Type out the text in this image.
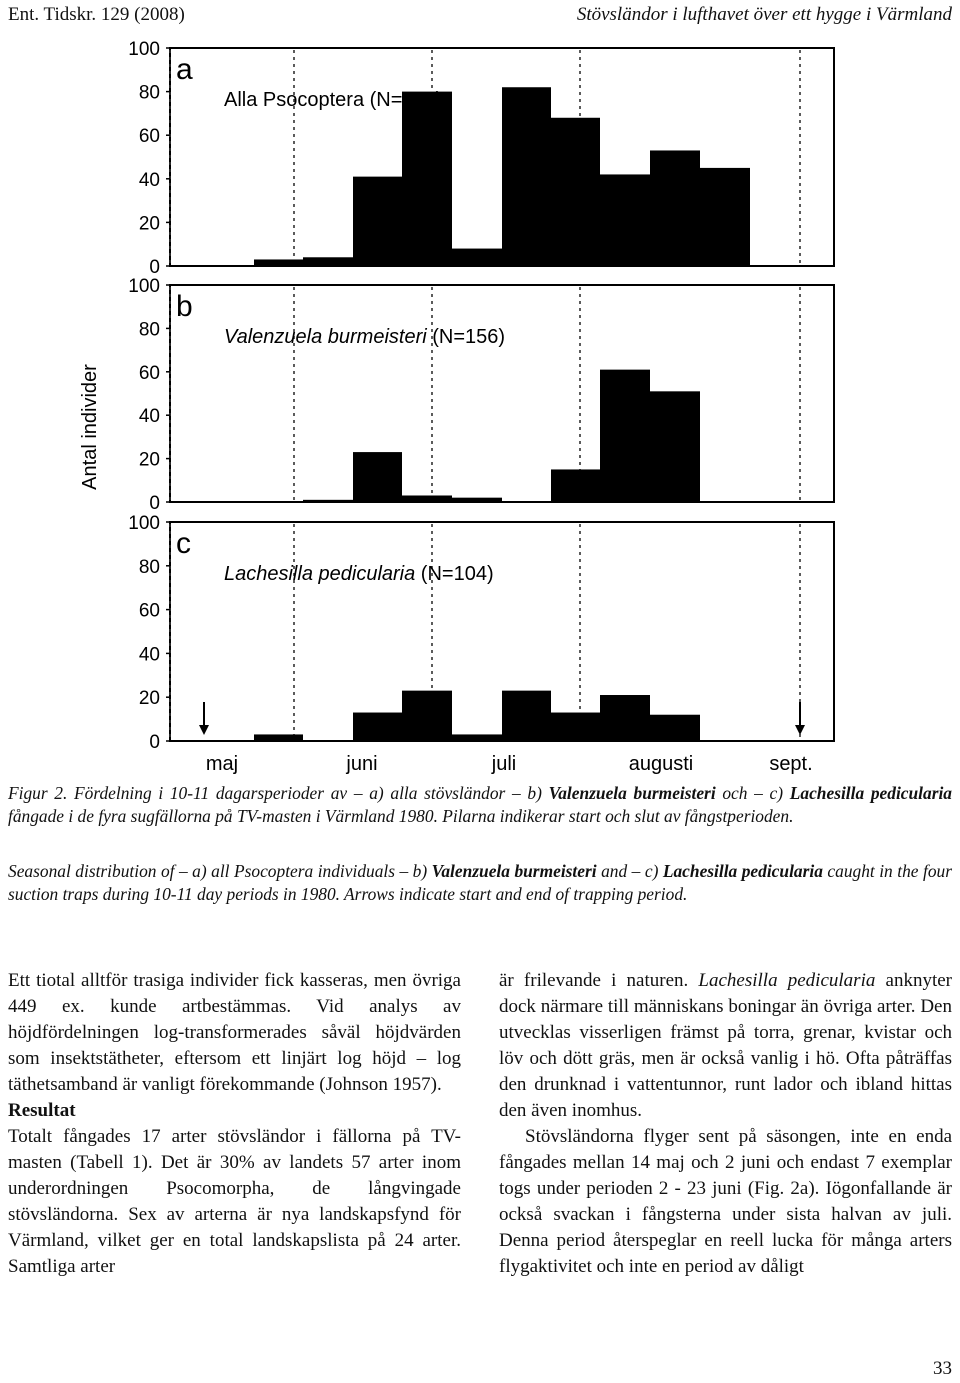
Ent. Tidskr. 129 (2008)	Stövsländor i lufthavet över ett hygge i Värmland
Antal individer
0
20
40
60
80
100
a
Alla Psocoptera (N=449)
0
20
40
60
80
100
b
Valenzuela burmeisteri (N=156)
0
20
40
60
80
100
c
Lachesilla pedicularia (N=104)
maj	juni	juli	augusti	sept.

Figur 2. Fördelning i 10-11 dagarsperioder av – a) alla stövsländor – b) Valenzuela burmeisteri och – c) Lachesilla pedicularia fångade i de fyra sugfällorna på TV-masten i Värmland 1980. Pilarna indikerar start och slut av fångstperioden.

Seasonal distribution of – a) all Psocoptera individuals – b) Valenzuela burmeisteri and – c) Lachesilla pedicularia caught in the four suction traps during 10-11 day periods in 1980. Arrows indicate start and end of trapping period.

Ett tiotal alltför trasiga individer fick kasseras, men övriga 449 ex. kunde artbestämmas. Vid analys av höjdfördelningen log-transformerades såväl höjdvärden som insektstätheter, eftersom ett linjärt log höjd – log täthetsamband är vanligt förekommande (Johnson 1957).

Resultat

Totalt fångades 17 arter stövsländor i fällorna på TV-masten (Tabell 1). Det är 30% av landets 57 arter inom underordningen Psocomorpha, de långvingade stövsländorna. Sex av arterna är nya landskapsfynd för Värmland, vilket ger en total landskapslista på 24 arter. Samtliga arter

är frilevande i naturen. Lachesilla pedicularia anknyter dock närmare till människans boningar än övriga arter. Den utvecklas visserligen främst på torra, grenar, kvistar och löv och dött gräs, men är också vanlig i hö. Ofta påträffas den drunknad i vattentunnor, runt lador och ibland hittas den även inomhus.

Stövsländorna flyger sent på säsongen, inte en enda fångades mellan 14 maj och 2 juni och endast 7 exemplar togs under perioden 2 - 23 juni (Fig. 2a). Iögonfallande är också svackan i fångsterna under sista halvan av juli. Denna period återspeglar en reell lucka för många arters flygaktivitet och inte en period av dåligt

33
